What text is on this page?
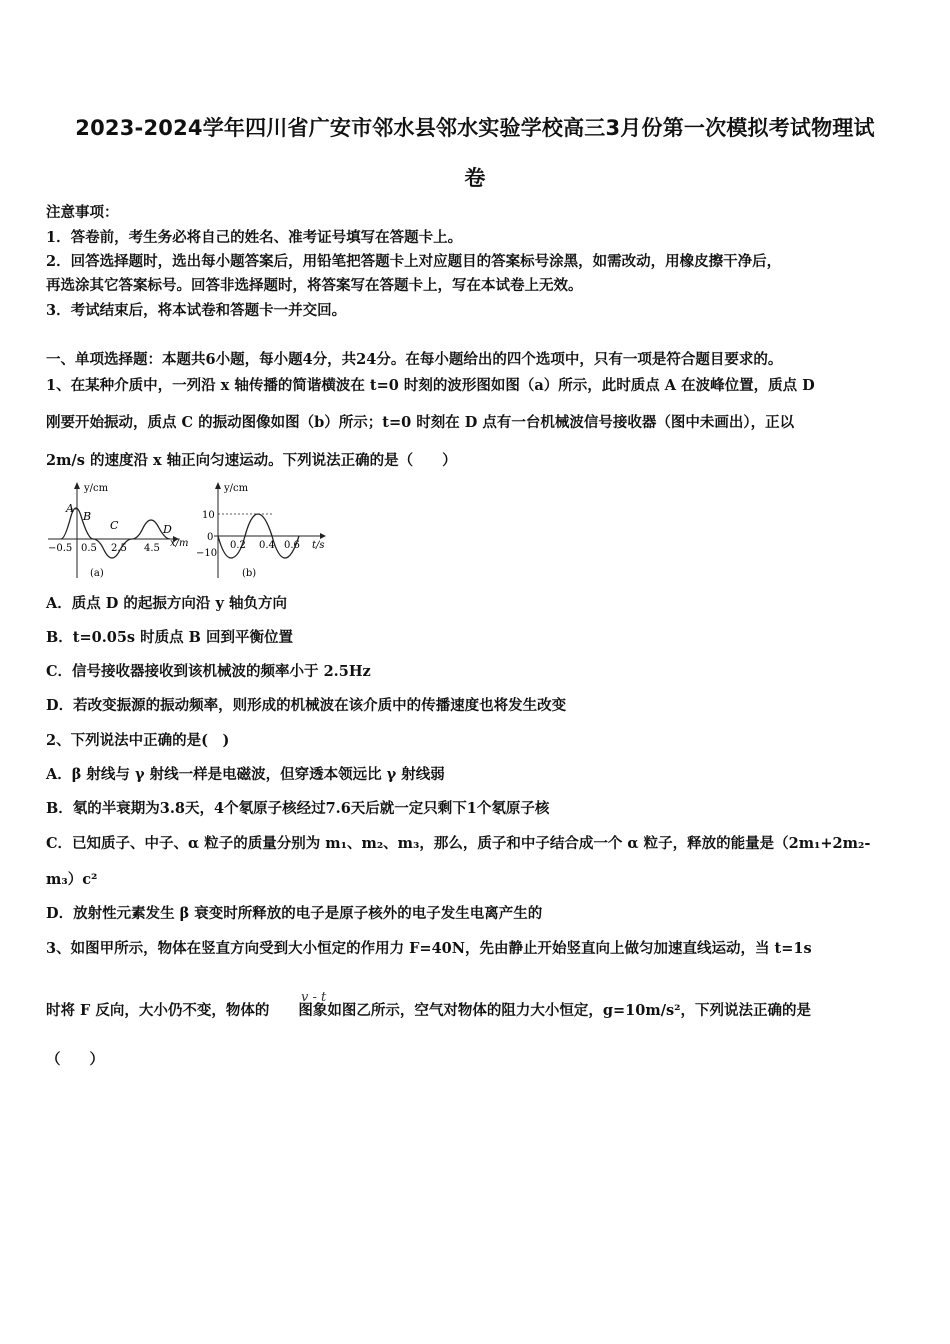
2023-2024学年四川省广安市邻水县邻水实验学校高三3月份第一次模拟考试物理试
卷
注意事项：
1．答卷前，考生务必将自己的姓名、准考证号填写在答题卡上。
2．回答选择题时，选出每小题答案后，用铅笔把答题卡上对应题目的答案标号涂黑，如需改动，用橡皮擦干净后，
再选涂其它答案标号。回答非选择题时，将答案写在答题卡上，写在本试卷上无效。
3．考试结束后，将本试卷和答题卡一并交回。
一、单项选择题：本题共6小题，每小题4分，共24分。在每小题给出的四个选项中，只有一项是符合题目要求的。
1、在某种介质中，一列沿 x 轴传播的简谐横波在 t=0 时刻的波形图如图（a）所示，此时质点 A 在波峰位置，质点 D
刚要开始振动，质点 C 的振动图像如图（b）所示；t=0 时刻在 D 点有一台机械波信号接收器（图中未画出），正以
2m/s 的速度沿 x 轴正向匀速运动。下列说法正确的是（　　）
y/cm
x/m
A
B
C	D
−0.5 0.5 2.5 4.5
(a)
y/cm
t/s
10
0
−10
0.2 0.4 0.6
(b)
A．质点 D 的起振方向沿 y 轴负方向
B．t=0.05s 时质点 B 回到平衡位置
C．信号接收器接收到该机械波的频率小于 2.5Hz
D．若改变振源的振动频率，则形成的机械波在该介质中的传播速度也将发生改变
2、下列说法中正确的是(　)
A．β 射线与 γ 射线一样是电磁波，但穿透本领远比 γ 射线弱
B．氡的半衰期为3.8天，4个氡原子核经过7.6天后就一定只剩下1个氡原子核
C．已知质子、中子、α 粒子的质量分别为 m₁、m₂、m₃，那么，质子和中子结合成一个 α 粒子，释放的能量是（2m₁+2m₂-
m₃）c²
D．放射性元素发生 β 衰变时所释放的电子是原子核外的电子发生电离产生的
3、如图甲所示，物体在竖直方向受到大小恒定的作用力 F=40N，先由静止开始竖直向上做匀加速直线运动，当 t=1s
时将 F 反向，大小仍不变，物体的　　图象如图乙所示，空气对物体的阻力大小恒定，g=10m/s²，下列说法正确的是
v - t
（　　）
